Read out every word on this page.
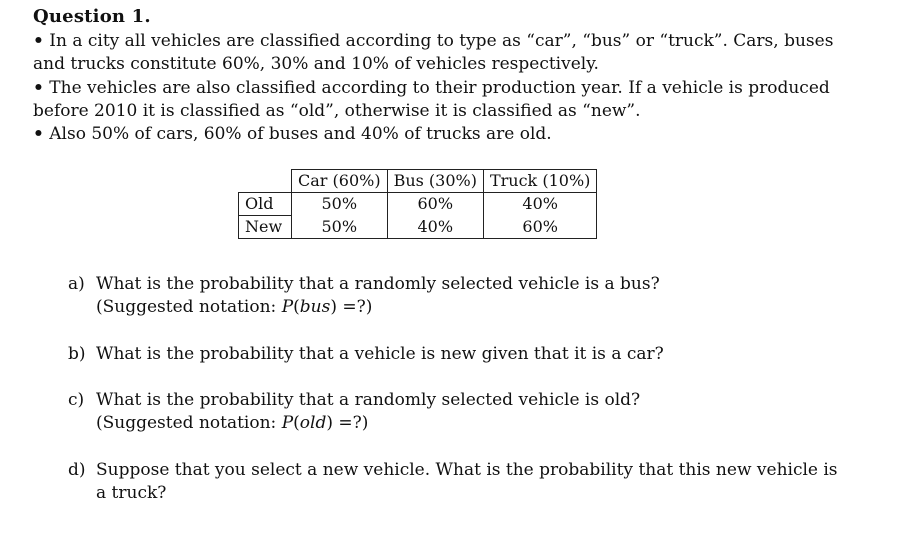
Question 1.
• In a city all vehicles are classified according to type as “car”, “bus” or “truck”. Cars, buses
and trucks constitute 60%, 30% and 10% of vehicles respectively.
• The vehicles are also classified according to their production year. If a vehicle is produced
before 2010 it is classified as “old”, otherwise it is classified as “new”.
• Also 50% of cars, 60% of buses and 40% of trucks are old.
	Car (60%)	Bus (30%)	Truck (10%)
Old	50%	60%	40%
New	50%	40%	60%
a) What is the probability that a randomly selected vehicle is a bus?
(Suggested notation: P(bus) =?)
b) What is the probability that a vehicle is new given that it is a car?
c) What is the probability that a randomly selected vehicle is old?
(Suggested notation: P(old) =?)
d) Suppose that you select a new vehicle. What is the probability that this new vehicle is
a truck?
